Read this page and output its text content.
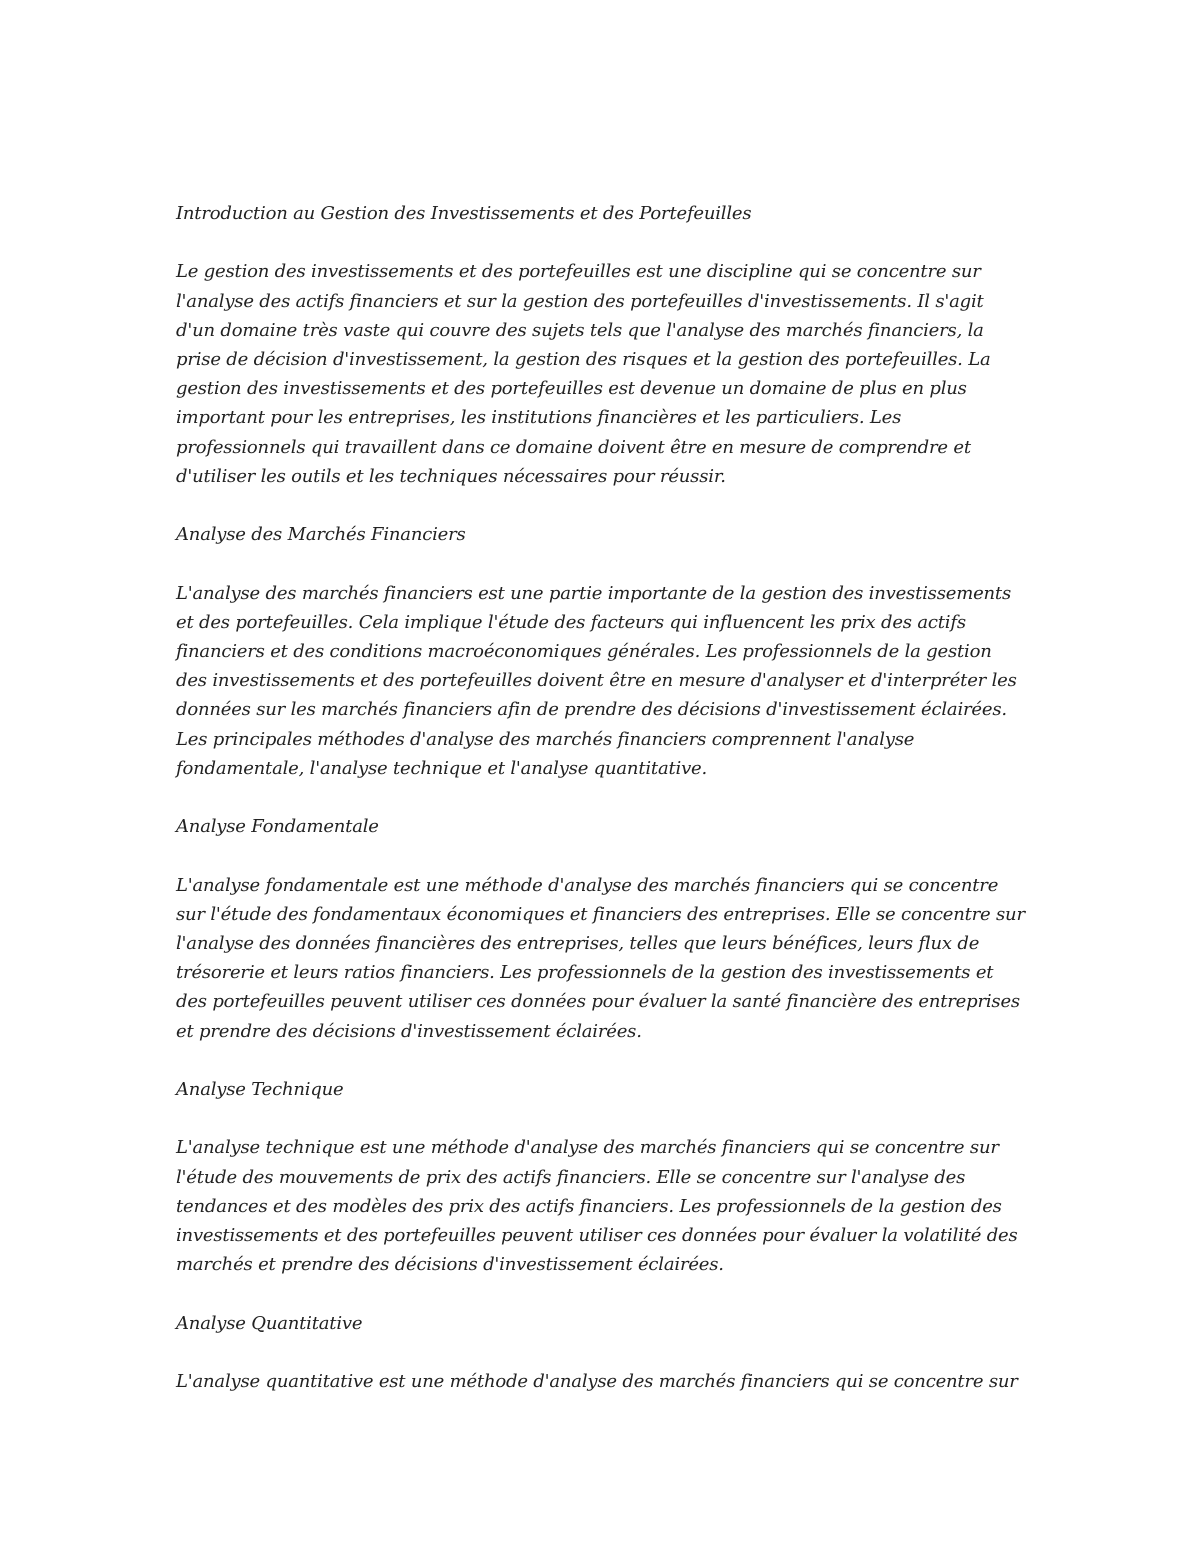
Introduction au Gestion des Investissements et des Portefeuilles

Le gestion des investissements et des portefeuilles est une discipline qui se concentre sur l'analyse des actifs financiers et sur la gestion des portefeuilles d'investissements. Il s'agit d'un domaine très vaste qui couvre des sujets tels que l'analyse des marchés financiers, la prise de décision d'investissement, la gestion des risques et la gestion des portefeuilles. La gestion des investissements et des portefeuilles est devenue un domaine de plus en plus important pour les entreprises, les institutions financières et les particuliers. Les professionnels qui travaillent dans ce domaine doivent être en mesure de comprendre et d'utiliser les outils et les techniques nécessaires pour réussir.

Analyse des Marchés Financiers

L'analyse des marchés financiers est une partie importante de la gestion des investissements et des portefeuilles. Cela implique l'étude des facteurs qui influencent les prix des actifs financiers et des conditions macroéconomiques générales. Les professionnels de la gestion des investissements et des portefeuilles doivent être en mesure d'analyser et d'interpréter les données sur les marchés financiers afin de prendre des décisions d'investissement éclairées. Les principales méthodes d'analyse des marchés financiers comprennent l'analyse fondamentale, l'analyse technique et l'analyse quantitative.

Analyse Fondamentale

L'analyse fondamentale est une méthode d'analyse des marchés financiers qui se concentre sur l'étude des fondamentaux économiques et financiers des entreprises. Elle se concentre sur l'analyse des données financières des entreprises, telles que leurs bénéfices, leurs flux de trésorerie et leurs ratios financiers. Les professionnels de la gestion des investissements et des portefeuilles peuvent utiliser ces données pour évaluer la santé financière des entreprises et prendre des décisions d'investissement éclairées.

Analyse Technique

L'analyse technique est une méthode d'analyse des marchés financiers qui se concentre sur l'étude des mouvements de prix des actifs financiers. Elle se concentre sur l'analyse des tendances et des modèles des prix des actifs financiers. Les professionnels de la gestion des investissements et des portefeuilles peuvent utiliser ces données pour évaluer la volatilité des marchés et prendre des décisions d'investissement éclairées.

Analyse Quantitative

L'analyse quantitative est une méthode d'analyse des marchés financiers qui se concentre sur
